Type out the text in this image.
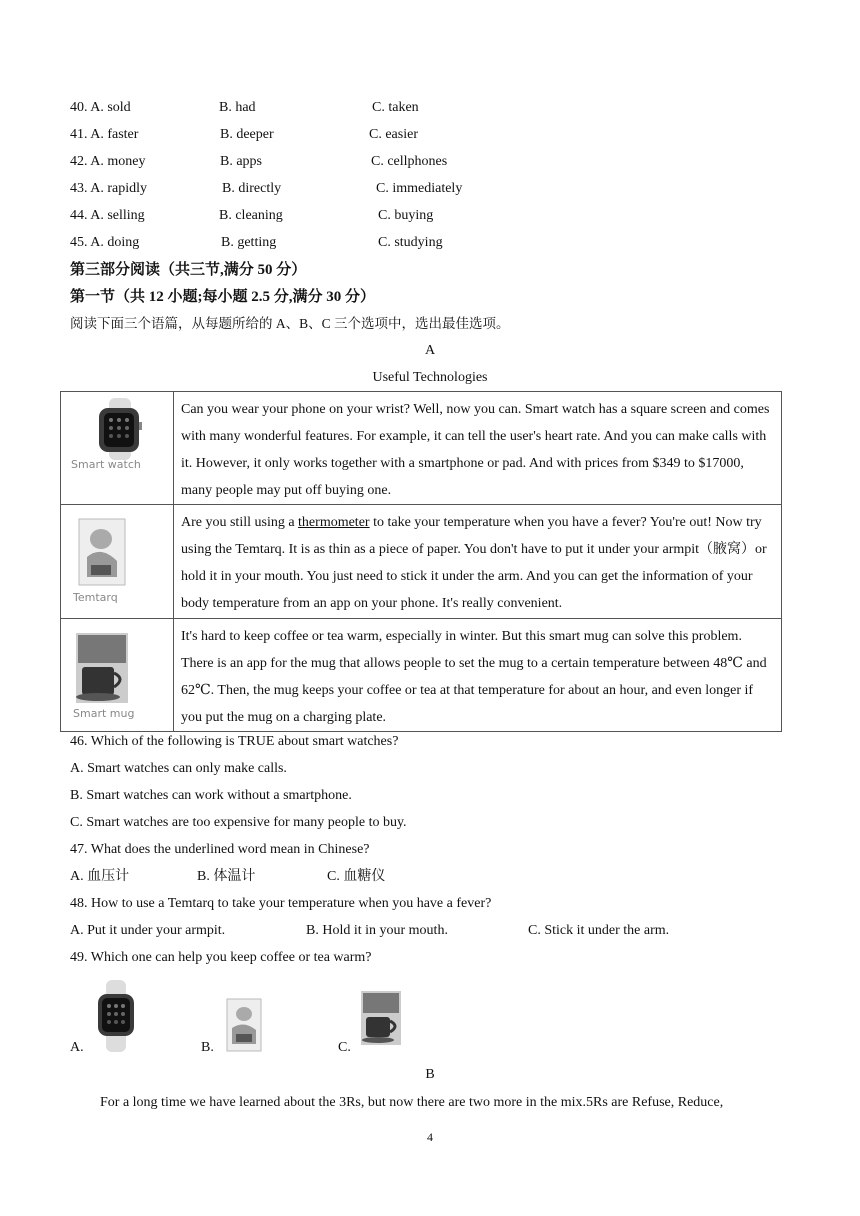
40. A. sold	B. had	C. taken
41. A. faster	B. deeper	C. easier
42. A. money	B. apps	C. cellphones
43. A. rapidly	B. directly	C. immediately
44. A. selling	B. cleaning	C. buying
45. A. doing	B. getting	C. studying
第三部分阅读（共三节,满分 50 分）
第一节（共 12 小题;每小题 2.5 分,满分 30 分）
阅读下面三个语篇，从每题所给的 A、B、C 三个选项中，选出最佳选项。
A
Useful Technologies
Smart watch	Can you wear your phone on your wrist? Well, now you can. Smart watch has a square screen and comes with many wonderful features. For example, it can tell the user's heart rate. And you can make calls with it. However, it only works together with a smartphone or pad. And with prices from $349 to $17000, many people may put off buying one.

Temtarq	Are you still using a thermometer to take your temperature when you have a fever? You're out! Now try using the Temtarq. It is as thin as a piece of paper. You don't have to put it under your armpit（腋窝）or hold it in your mouth. You just need to stick it under the arm. And you can get the information of your body temperature from an app on your phone. It's really convenient.

Smart mug	It's hard to keep coffee or tea warm, especially in winter. But this smart mug can solve this problem. There is an app for the mug that allows people to set the mug to a certain temperature between 48℃ and 62℃. Then, the mug keeps your coffee or tea at that temperature for about an hour, and even longer if you put the mug on a charging plate.
46. Which of the following is TRUE about smart watches?
A. Smart watches can only make calls.
B. Smart watches can work without a smartphone.
C. Smart watches are too expensive for many people to buy.
47. What does the underlined word mean in Chinese?
A. 血压计	B. 体温计	C. 血糖仪
48. How to use a Temtarq to take your temperature when you have a fever?
A. Put it under your armpit.	B. Hold it in your mouth.	C. Stick it under the arm.
49. Which one can help you keep coffee or tea warm?
A.	B.	C.
B
For a long time we have learned about the 3Rs, but now there are two more in the mix.5Rs are Refuse, Reduce,
4
